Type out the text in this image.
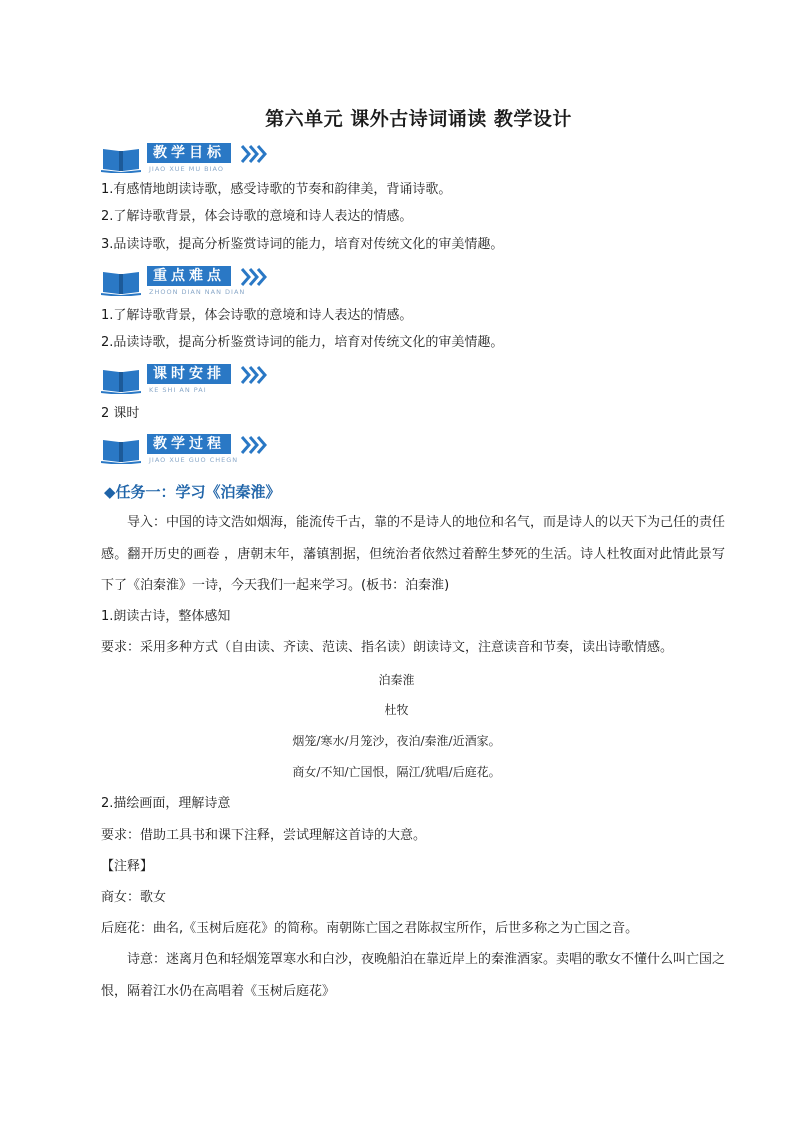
第六单元 课外古诗词诵读 教学设计
教学目标
JIAO XUE MU BIAO
1.有感情地朗读诗歌，感受诗歌的节奏和韵律美，背诵诗歌。
2.了解诗歌背景，体会诗歌的意境和诗人表达的情感。
3.品读诗歌，提高分析鉴赏诗词的能力，培育对传统文化的审美情趣。
重点难点
ZHOON DIAN NAN DIAN
1.了解诗歌背景，体会诗歌的意境和诗人表达的情感。
2.品读诗歌，提高分析鉴赏诗词的能力，培育对传统文化的审美情趣。
课时安排
KE SHI AN PAI
2 课时
教学过程
JIAO XUE GUO CHEGN
◆任务一：学习《泊秦淮》
导入：中国的诗文浩如烟海，能流传千古，靠的不是诗人的地位和名气，而是诗人的以天下为己任的责任感。翻开历史的画卷 ，唐朝末年，藩镇割据，但统治者依然过着醉生梦死的生活。诗人杜牧面对此情此景写下了《泊秦淮》一诗，今天我们一起来学习。(板书：泊秦淮)
1.朗读古诗，整体感知
要求：采用多种方式（自由读、齐读、范读、指名读）朗读诗文，注意读音和节奏，读出诗歌情感。
泊秦淮
杜牧
烟笼/寒水/月笼沙，夜泊/秦淮/近酒家。
商女/不知/亡国恨，隔江/犹唱/后庭花。
2.描绘画面，理解诗意
要求：借助工具书和课下注释，尝试理解这首诗的大意。
【注释】
商女：歌女
后庭花：曲名,《玉树后庭花》的简称。南朝陈亡国之君陈叔宝所作，后世多称之为亡国之音。
诗意：迷离月色和轻烟笼罩寒水和白沙，夜晚船泊在靠近岸上的秦淮酒家。卖唱的歌女不懂什么叫亡国之恨，隔着江水仍在高唱着《玉树后庭花》
